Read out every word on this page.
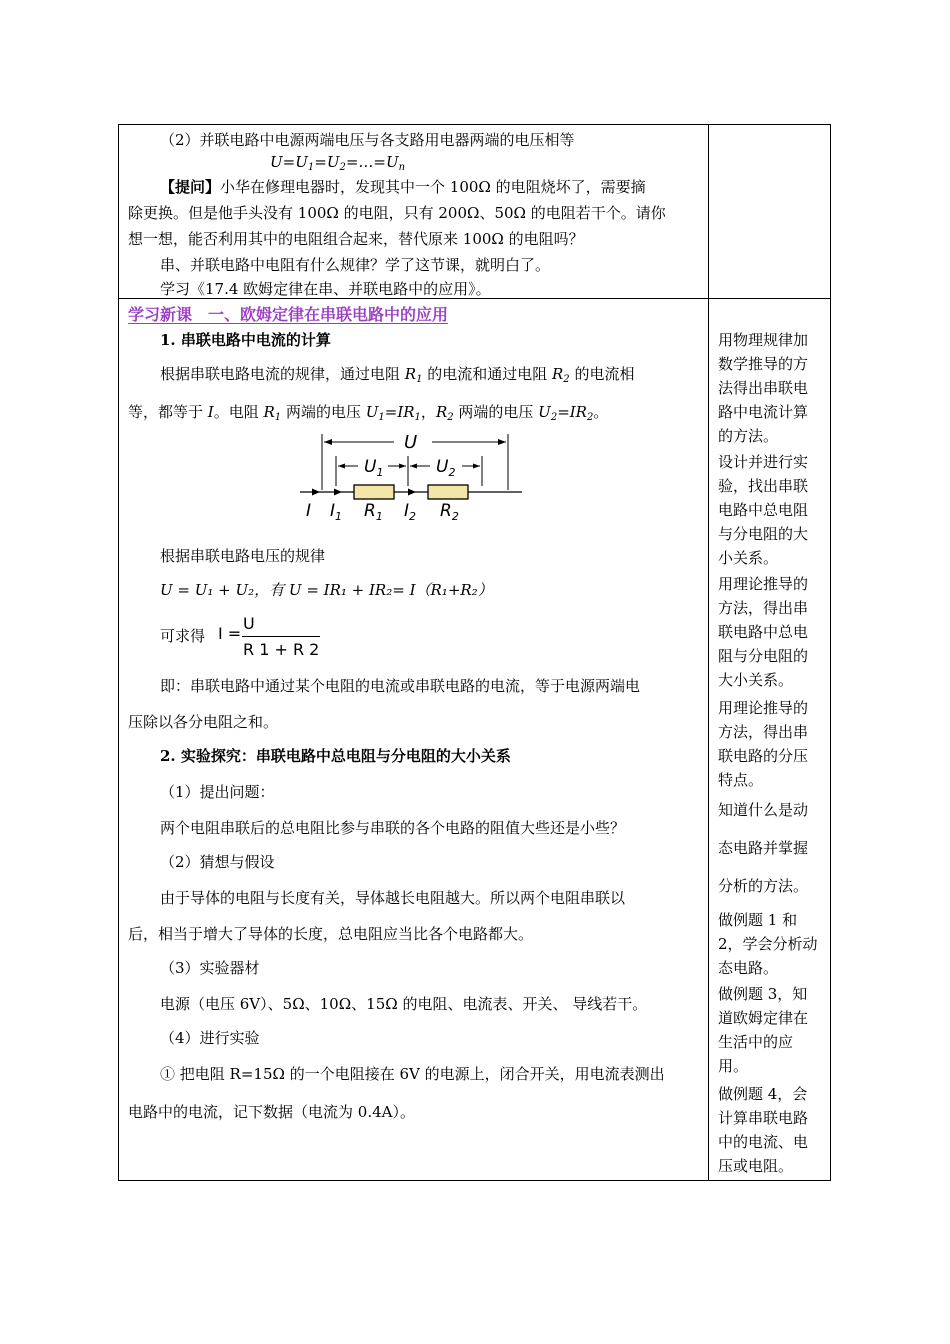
（2）并联电路中电源两端电压与各支路用电器两端的电压相等
$U=U_1=U_2=\dots=U_n$
【提问】小华在修理电器时，发现其中一个 100Ω 的电阻烧坏了，需要摘
除更换。但是他手头没有 100Ω 的电阻，只有 200Ω、50Ω 的电阻若干个。请你
想一想，能否利用其中的电阻组合起来，替代原来 100Ω 的电阻吗？
串、并联电路中电阻有什么规律？学了这节课，就明白了。
学习《17.4 欧姆定律在串、并联电路中的应用》。
学习新课　一、欧姆定律在串联电路中的应用
1. 串联电路中电流的计算
根据串联电路电流的规律，通过电阻 $R_1$ 的电流和通过电阻 $R_2$ 的电流相
等，都等于 I。电阻 $R_1$ 两端的电压 $U_1=IR_1$，$R_2$ 两端的电压 $U_2=IR_2$。
U
$U_1$	$U_2$
I $I_1$ $R_1$ $I_2$ $R_2$
根据串联电路电压的规律
U = U₁ + U₂，有 U = IR₁ + IR₂= I（R₁+R₂）
可求得 I =
U
R 1 + R 2
即：串联电路中通过某个电阻的电流或串联电路的电流，等于电源两端电
压除以各分电阻之和。
2. 实验探究：串联电路中总电阻与分电阻的大小关系
（1）提出问题：
两个电阻串联后的总电阻比参与串联的各个电路的阻值大些还是小些？
（2）猜想与假设
由于导体的电阻与长度有关，导体越长电阻越大。所以两个电阻串联以
后，相当于增大了导体的长度，总电阻应当比各个电路都大。
（3）实验器材
电源（电压 6V）、5Ω、10Ω、15Ω 的电阻、电流表、开关、 导线若干。
（4）进行实验
① 把电阻 R=15Ω 的一个电阻接在 6V 的电源上，闭合开关，用电流表测出
电路中的电流，记下数据（电流为 0.4A）。
用物理规律加
数学推导的方
法得出串联电
路中电流计算
的方法。
设计并进行实
验，找出串联
电路中总电阻
与分电阻的大
小关系。
用理论推导的
方法，得出串
联电路中总电
阻与分电阻的
大小关系。
用理论推导的
方法，得出串
联电路的分压
特点。
知道什么是动
态电路并掌握
分析的方法。
做例题 1 和
2，学会分析动
态电路。
做例题 3，知
道欧姆定律在
生活中的应
用。
做例题 4，会
计算串联电路
中的电流、电
压或电阻。
